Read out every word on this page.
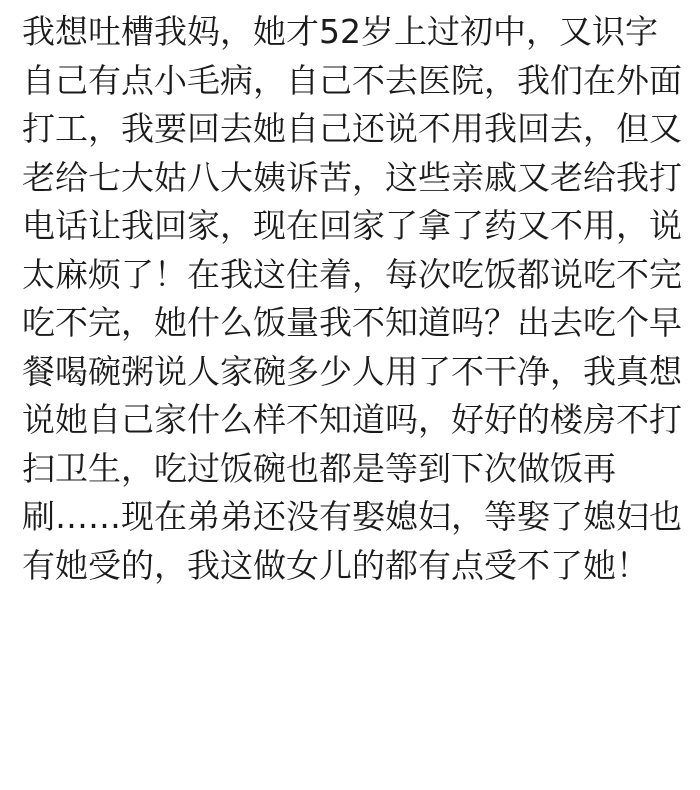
我想吐槽我妈，她才52岁上过初中，又识字自己有点小毛病，自己不去医院，我们在外面打工，我要回去她自己还说不用我回去，但又老给七大姑八大姨诉苦，这些亲戚又老给我打电话让我回家，现在回家了拿了药又不用，说太麻烦了！在我这住着，每次吃饭都说吃不完吃不完，她什么饭量我不知道吗？出去吃个早餐喝碗粥说人家碗多少人用了不干净，我真想说她自己家什么样不知道吗，好好的楼房不打扫卫生，吃过饭碗也都是等到下次做饭再刷……现在弟弟还没有娶媳妇，等娶了媳妇也有她受的，我这做女儿的都有点受不了她！
